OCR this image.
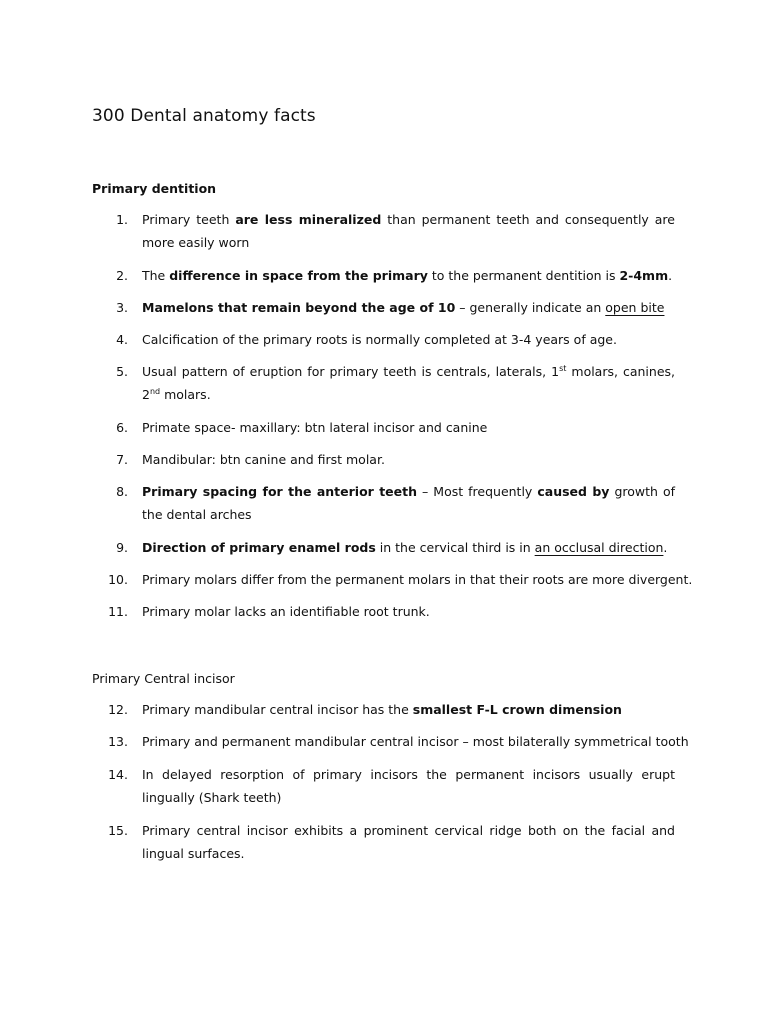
300 Dental anatomy facts
Primary dentition
Primary Central incisor
1. Primary teeth are less mineralized than permanent teeth and consequently are more easily worn
2. The difference in space from the primary to the permanent dentition is 2-4mm.
3. Mamelons that remain beyond the age of 10 – generally indicate an open bite
4. Calcification of the primary roots is normally completed at 3-4 years of age.
5. Usual pattern of eruption for primary teeth is centrals, laterals, 1st molars, canines, 2nd molars.
6. Primate space- maxillary: btn lateral incisor and canine
7. Mandibular: btn canine and first molar.
8. Primary spacing for the anterior teeth – Most frequently caused by growth of the dental arches
9. Direction of primary enamel rods in the cervical third is in an occlusal direction.
10. Primary molars differ from the permanent molars in that their roots are more divergent.
11. Primary molar lacks an identifiable root trunk.
12. Primary mandibular central incisor has the smallest F-L crown dimension
13. Primary and permanent mandibular central incisor – most bilaterally symmetrical tooth
14. In delayed resorption of primary incisors the permanent incisors usually erupt lingually (Shark teeth)
15. Primary central incisor exhibits a prominent cervical ridge both on the facial and lingual surfaces.
